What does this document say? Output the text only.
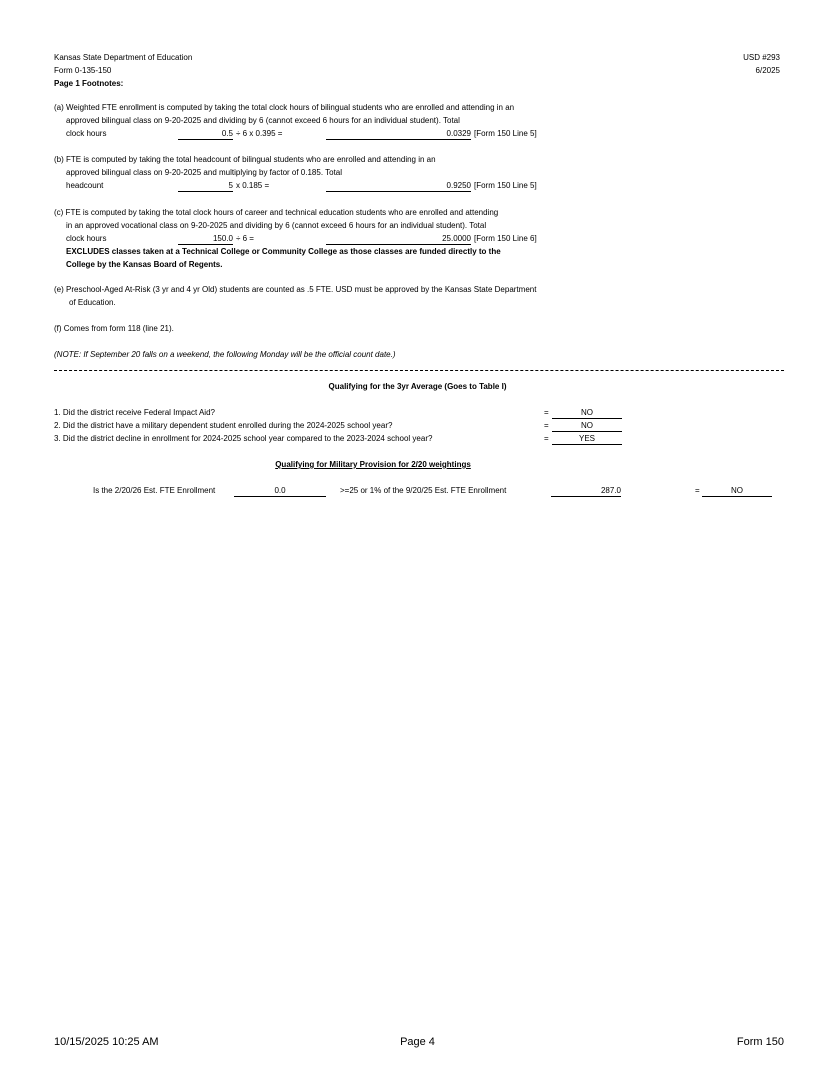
Kansas State Department of Education
Form 0-135-150
Page 1 Footnotes:
USD #293
6/2025
(a) Weighted FTE enrollment is computed by taking the total clock hours of bilingual students who are enrolled and attending in an
approved bilingual class on 9-20-2025 and dividing by 6 (cannot exceed 6 hours for an individual student). Total
clock hours	0.5 ÷ 6 x 0.395 =	0.0329 [Form 150 Line 5]
(b) FTE is computed by taking the total headcount of bilingual students who are enrolled and attending in an
approved bilingual class on 9-20-2025 and multiplying by factor of 0.185. Total
headcount	5 x 0.185 =	0.9250 [Form 150 Line 5]
(c) FTE is computed by taking the total clock hours of career and technical education students who are enrolled and attending
in an approved vocational class on 9-20-2025 and dividing by 6 (cannot exceed 6 hours for an individual student). Total
clock hours	150.0 ÷ 6 =	25.0000 [Form 150 Line 6]
EXCLUDES classes taken at a Technical College or Community College as those classes are funded directly to the
College by the Kansas Board of Regents.
(e) Preschool-Aged At-Risk (3 yr and 4 yr Old) students are counted as .5 FTE. USD must be approved by the Kansas State Department
of Education.
(f) Comes from form 118 (line 21).
(NOTE: If September 20 falls on a weekend, the following Monday will be the official count date.)
Qualifying for the 3yr Average (Goes to Table I)
1. Did the district receive Federal Impact Aid?	=	NO
2. Did the district have a military dependent student enrolled during the 2024-2025 school year?	=	NO
3. Did the district decline in enrollment for 2024-2025 school year compared to the 2023-2024 school year?	=	YES
Qualifying for Military Provision for 2/20 weightings
Is the 2/20/26 Est. FTE Enrollment	0.0	>=25 or 1% of the 9/20/25 Est. FTE Enrollment	287.0	=	NO
10/15/2025 10:25 AM	Page 4	Form 150
